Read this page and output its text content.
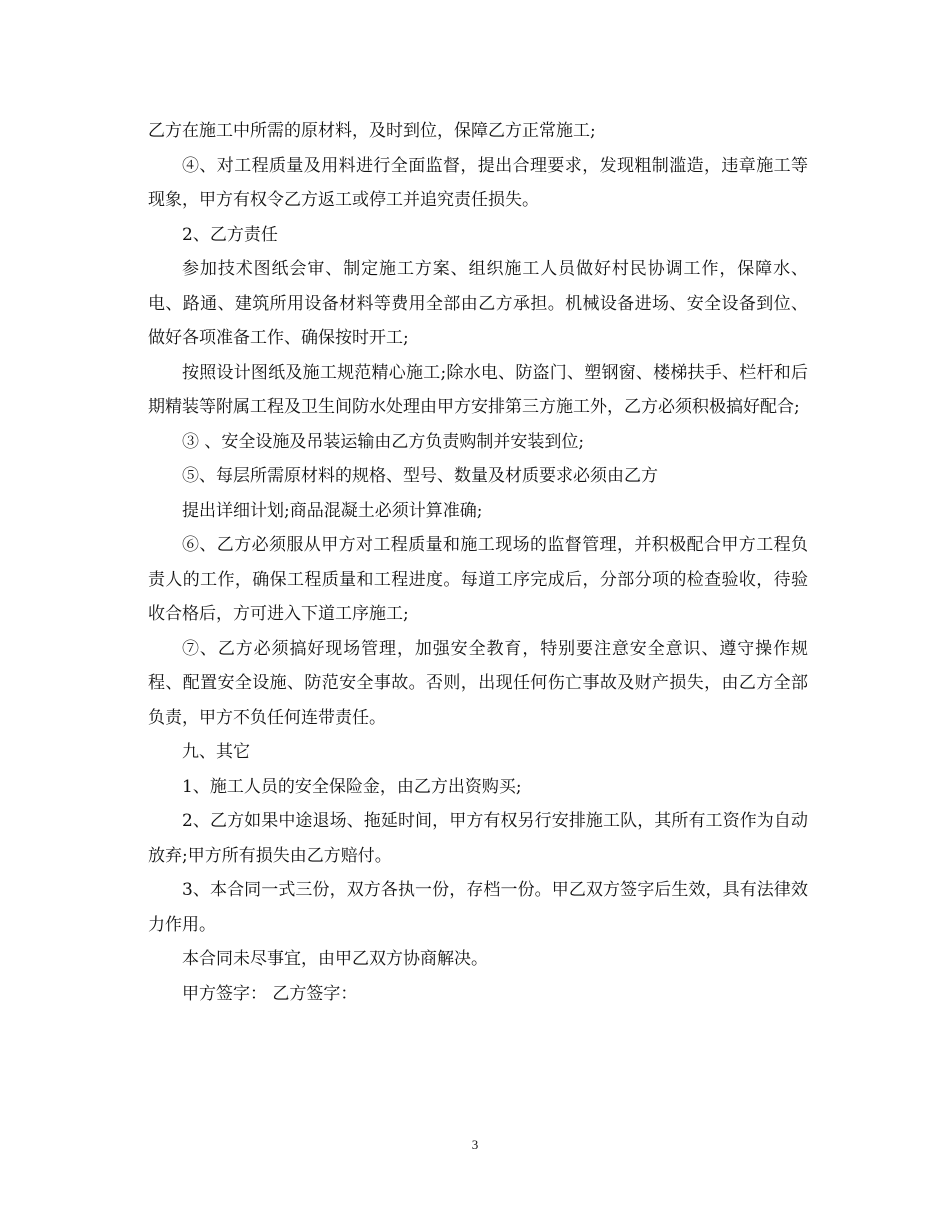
乙方在施工中所需的原材料，及时到位，保障乙方正常施工;

④、对工程质量及用料进行全面监督，提出合理要求，发现粗制滥造，违章施工等现象，甲方有权令乙方返工或停工并追究责任损失。

2、乙方责任

参加技术图纸会审、制定施工方案、组织施工人员做好村民协调工作，保障水、电、路通、建筑所用设备材料等费用全部由乙方承担。机械设备进场、安全设备到位、做好各项准备工作、确保按时开工;

按照设计图纸及施工规范精心施工;除水电、防盗门、塑钢窗、楼梯扶手、栏杆和后期精装等附属工程及卫生间防水处理由甲方安排第三方施工外，乙方必须积极搞好配合;

③ 、安全设施及吊装运输由乙方负责购制并安装到位;

⑤、每层所需原材料的规格、型号、数量及材质要求必须由乙方

提出详细计划;商品混凝土必须计算准确;

⑥、乙方必须服从甲方对工程质量和施工现场的监督管理，并积极配合甲方工程负责人的工作，确保工程质量和工程进度。每道工序完成后，分部分项的检查验收，待验收合格后，方可进入下道工序施工;

⑦、乙方必须搞好现场管理，加强安全教育，特别要注意安全意识、遵守操作规程、配置安全设施、防范安全事故。否则，出现任何伤亡事故及财产损失，由乙方全部负责，甲方不负任何连带责任。

九、其它

1、施工人员的安全保险金，由乙方出资购买;

2、乙方如果中途退场、拖延时间，甲方有权另行安排施工队，其所有工资作为自动放弃;甲方所有损失由乙方赔付。

3、本合同一式三份，双方各执一份，存档一份。甲乙双方签字后生效，具有法律效力作用。

本合同未尽事宜，由甲乙双方协商解决。

甲方签字： 乙方签字：

3
